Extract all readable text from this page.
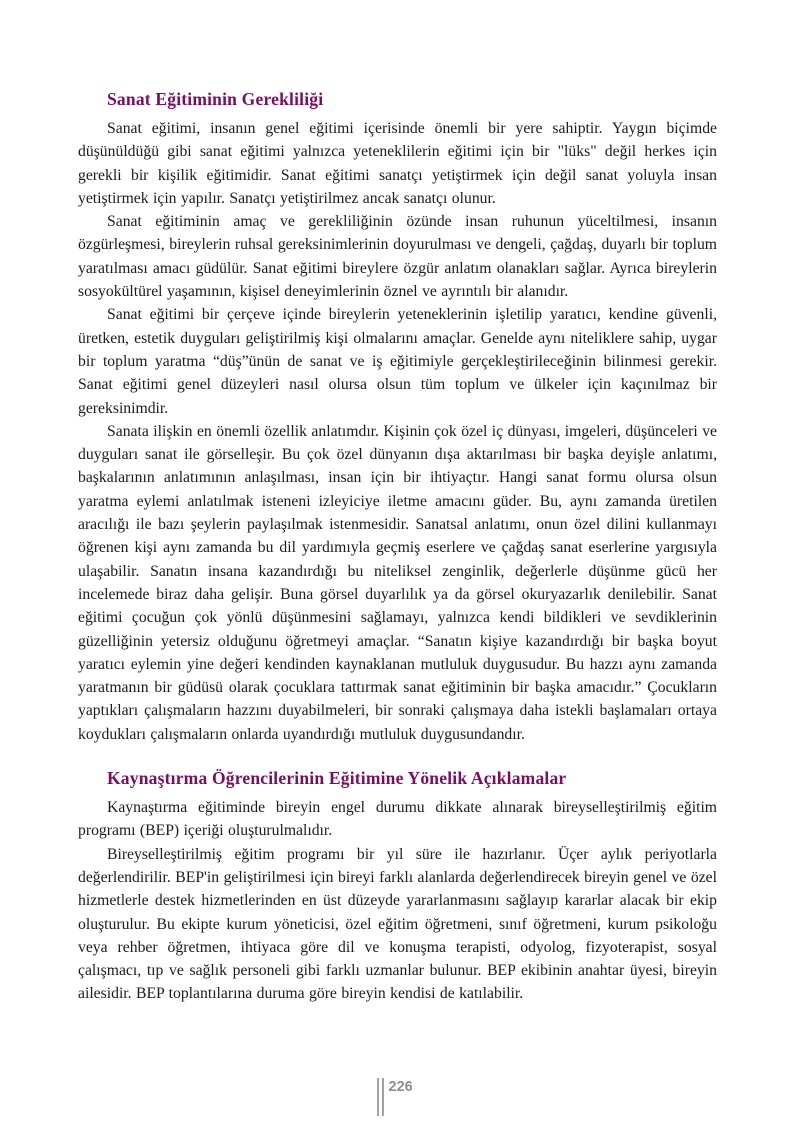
Sanat Eğitiminin Gerekliliği

Sanat eğitimi, insanın genel eğitimi içerisinde önemli bir yere sahiptir. Yaygın biçimde düşünüldüğü gibi sanat eğitimi yalnızca yeteneklilerin eğitimi için bir "lüks" değil herkes için gerekli bir kişilik eğitimidir. Sanat eğitimi sanatçı yetiştirmek için değil sanat yoluyla insan yetiştirmek için yapılır. Sanatçı yetiştirilmez ancak sanatçı olunur.

Sanat eğitiminin amaç ve gerekliliğinin özünde insan ruhunun yüceltilmesi, insanın özgürleşmesi, bireylerin ruhsal gereksinimlerinin doyurulması ve dengeli, çağdaş, duyarlı bir toplum yaratılması amacı güdülür. Sanat eğitimi bireylere özgür anlatım olanakları sağlar. Ayrıca bireylerin sosyokültürel yaşamının, kişisel deneyimlerinin öznel ve ayrıntılı bir alanıdır.

Sanat eğitimi bir çerçeve içinde bireylerin yeteneklerinin işletilip yaratıcı, kendine güvenli, üretken, estetik duyguları geliştirilmiş kişi olmalarını amaçlar. Genelde aynı niteliklere sahip, uygar bir toplum yaratma “düş”ünün de sanat ve iş eğitimiyle gerçekleştirileceğinin bilinmesi gerekir. Sanat eğitimi genel düzeyleri nasıl olursa olsun tüm toplum ve ülkeler için kaçınılmaz bir gereksinimdir.

Sanata ilişkin en önemli özellik anlatımdır. Kişinin çok özel iç dünyası, imgeleri, düşünceleri ve duyguları sanat ile görselleşir. Bu çok özel dünyanın dışa aktarılması bir başka deyişle anlatımı, başkalarının anlatımının anlaşılması, insan için bir ihtiyaçtır. Hangi sanat formu olursa olsun yaratma eylemi anlatılmak isteneni izleyiciye iletme amacını güder. Bu, aynı zamanda üretilen aracılığı ile bazı şeylerin paylaşılmak istenmesidir. Sanatsal anlatımı, onun özel dilini kullanmayı öğrenen kişi aynı zamanda bu dil yardımıyla geçmiş eserlere ve çağdaş sanat eserlerine yargısıyla ulaşabilir. Sanatın insana kazandırdığı bu niteliksel zenginlik, değerlerle düşünme gücü her incelemede biraz daha gelişir. Buna görsel duyarlılık ya da görsel okuryazarlık denilebilir. Sanat eğitimi çocuğun çok yönlü düşünmesini sağlamayı, yalnızca kendi bildikleri ve sevdiklerinin güzelliğinin yetersiz olduğunu öğretmeyi amaçlar. “Sanatın kişiye kazandırdığı bir başka boyut yaratıcı eylemin yine değeri kendinden kaynaklanan mutluluk duygusudur. Bu hazzı aynı zamanda yaratmanın bir güdüsü olarak çocuklara tattırmak sanat eğitiminin bir başka amacıdır.” Çocukların yaptıkları çalışmaların hazzını duyabilmeleri, bir sonraki çalışmaya daha istekli başlamaları ortaya koydukları çalışmaların onlarda uyandırdığı mutluluk duygusundandır.

Kaynaştırma Öğrencilerinin Eğitimine Yönelik Açıklamalar

Kaynaştırma eğitiminde bireyin engel durumu dikkate alınarak bireyselleştirilmiş eğitim programı (BEP) içeriği oluşturulmalıdır.

Bireyselleştirilmiş eğitim programı bir yıl süre ile hazırlanır. Üçer aylık periyotlarla değerlendirilir. BEP'in geliştirilmesi için bireyi farklı alanlarda değerlendirecek bireyin genel ve özel hizmetlerle destek hizmetlerinden en üst düzeyde yararlanmasını sağlayıp kararlar alacak bir ekip oluşturulur. Bu ekipte kurum yöneticisi, özel eğitim öğretmeni, sınıf öğretmeni, kurum psikoloğu veya rehber öğretmen, ihtiyaca göre dil ve konuşma terapisti, odyolog, fizyoterapist, sosyal çalışmacı, tıp ve sağlık personeli gibi farklı uzmanlar bulunur. BEP ekibinin anahtar üyesi, bireyin ailesidir. BEP toplantılarına duruma göre bireyin kendisi de katılabilir.

226
